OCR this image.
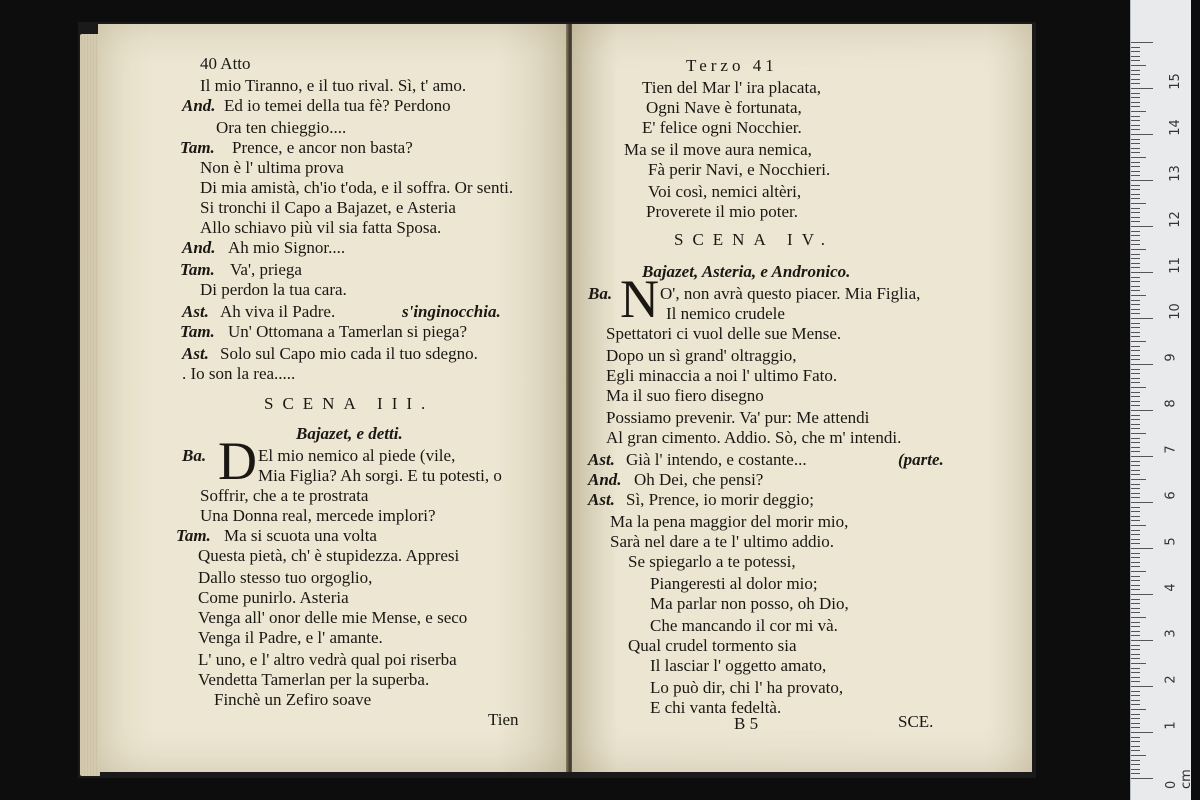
40 Atto
Il mio Tiranno, e il tuo rival. Sì, t' amo.
And. Ed io temei della tua fè? Perdono
Ora ten chieggio....
Tam. Prence, e ancor non basta?
Non è l' ultima prova
Di mia amistà, ch'io t'oda, e il soffra. Or senti.
Si tronchi il Capo a Bajazet, e Asteria
Allo schiavo più vil sia fatta Sposa.
And. Ah mio Signor....
Tam. Va', priega
Di perdon la tua cara.
Ast. Ah viva il Padre.	s'inginocchia.
Tam. Un' Ottomana a Tamerlan si piega?
Ast. Solo sul Capo mio cada il tuo sdegno.
. Io son la rea.....
SCENA III.
Bajazet, e detti.
Ba. D El mio nemico al piede (vile,
Mia Figlia? Ah sorgi. E tu potesti, o
Soffrir, che a te prostrata
Una Donna real, mercede implori?
Tam. Ma si scuota una volta
Questa pietà, ch' è stupidezza. Appresi
Dallo stesso tuo orgoglio,
Come punirlo. Asteria
Venga all' onor delle mie Mense, e seco
Venga il Padre, e l' amante.
L' uno, e l' altro vedrà qual poi riserba
Vendetta Tamerlan per la superba.
Finchè un Zefiro soave
Tien
Terzo 41
Tien del Mar l' ira placata,
Ogni Nave è fortunata,
E' felice ogni Nocchier.
Ma se il move aura nemica,
Fà perir Navi, e Nocchieri.
Voi così, nemici altèri,
Proverete il mio poter.
SCENA IV.
Bajazet, Asteria, e Andronico.
Ba. N O', non avrà questo piacer. Mia Figlia,
Il nemico crudele
Spettatori ci vuol delle sue Mense.
Dopo un sì grand' oltraggio,
Egli minaccia a noi l' ultimo Fato.
Ma il suo fiero disegno
Possiamo prevenir. Va' pur: Me attendi
Al gran cimento. Addio. Sò, che m' intendi.
Ast. Già l' intendo, e costante...	(parte.
And. Oh Dei, che pensi?
Ast. Sì, Prence, io morir deggio;
Ma la pena maggior del morir mio,
Sarà nel dare a te l' ultimo addio.
Se spiegarlo a te potessi,
Piangeresti al dolor mio;
Ma parlar non posso, oh Dio,
Che mancando il cor mi và.
Qual crudel tormento sia
Il lasciar l' oggetto amato,
Lo può dir, chi l' ha provato,
E chi vanta fedeltà.
B 5	SCE.
0 cm
1
2
3
4
5
6
7
8
9
10
11
12
13
14
15
